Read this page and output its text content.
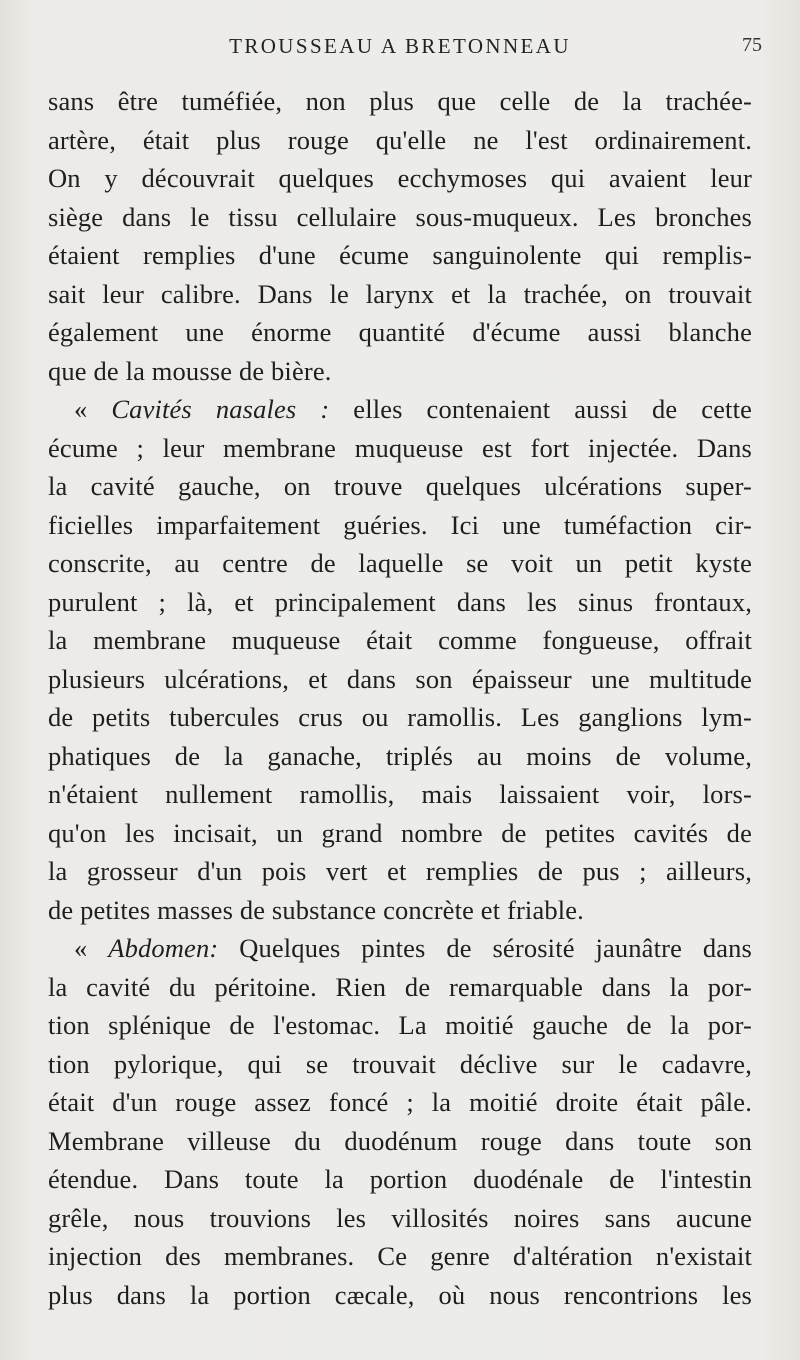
TROUSSEAU A BRETONNEAU	75
sans être tuméfiée, non plus que celle de la trachée-
artère, était plus rouge qu'elle ne l'est ordinairement.
On y découvrait quelques ecchymoses qui avaient leur
siège dans le tissu cellulaire sous-muqueux. Les bronches
étaient remplies d'une écume sanguinolente qui remplis-
sait leur calibre. Dans le larynx et la trachée, on trouvait
également une énorme quantité d'écume aussi blanche
que de la mousse de bière.
« Cavités nasales : elles contenaient aussi de cette
écume ; leur membrane muqueuse est fort injectée. Dans
la cavité gauche, on trouve quelques ulcérations super-
ficielles imparfaitement guéries. Ici une tuméfaction cir-
conscrite, au centre de laquelle se voit un petit kyste
purulent ; là, et principalement dans les sinus frontaux,
la membrane muqueuse était comme fongueuse, offrait
plusieurs ulcérations, et dans son épaisseur une multitude
de petits tubercules crus ou ramollis. Les ganglions lym-
phatiques de la ganache, triplés au moins de volume,
n'étaient nullement ramollis, mais laissaient voir, lors-
qu'on les incisait, un grand nombre de petites cavités de
la grosseur d'un pois vert et remplies de pus ; ailleurs,
de petites masses de substance concrète et friable.
« Abdomen: Quelques pintes de sérosité jaunâtre dans
la cavité du péritoine. Rien de remarquable dans la por-
tion splénique de l'estomac. La moitié gauche de la por-
tion pylorique, qui se trouvait déclive sur le cadavre,
était d'un rouge assez foncé ; la moitié droite était pâle.
Membrane villeuse du duodénum rouge dans toute son
étendue. Dans toute la portion duodénale de l'intestin
grêle, nous trouvions les villosités noires sans aucune
injection des membranes. Ce genre d'altération n'existait
plus dans la portion cæcale, où nous rencontrions les
